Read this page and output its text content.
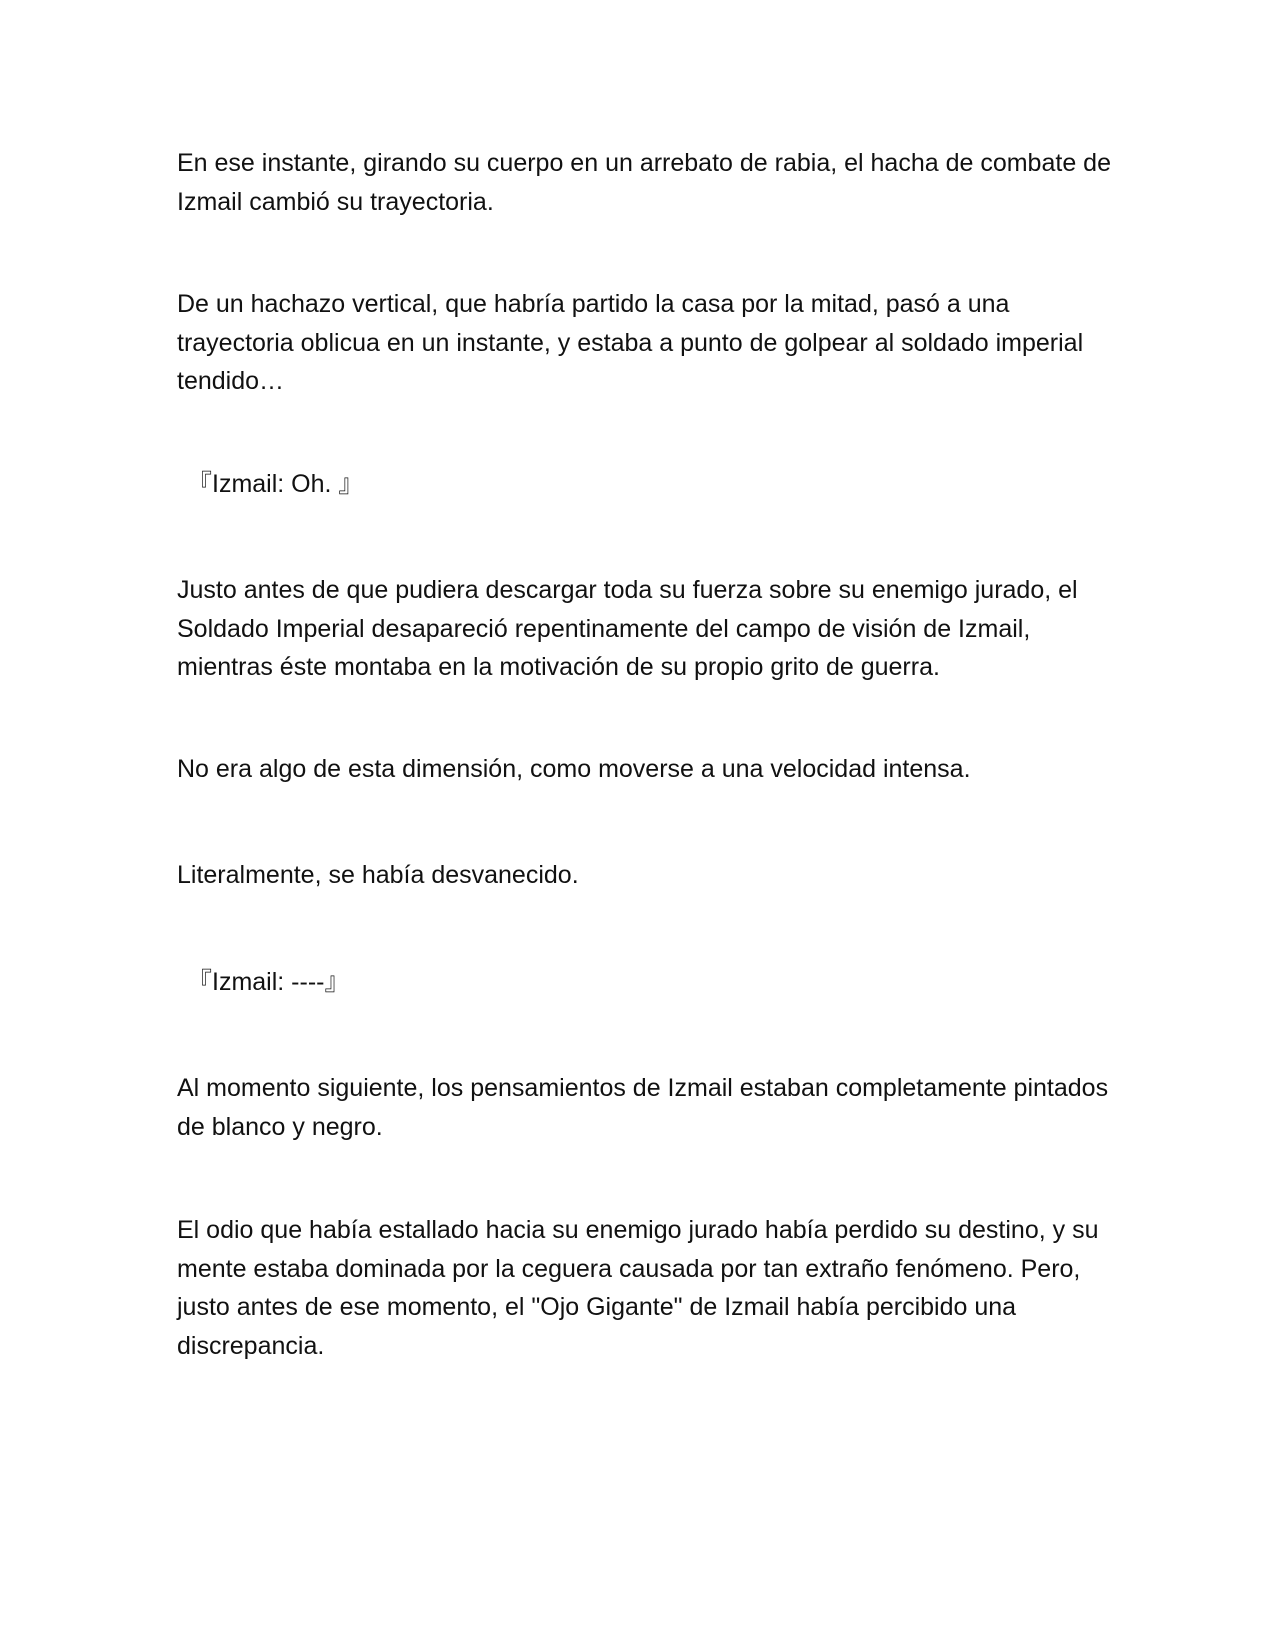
En ese instante, girando su cuerpo en un arrebato de rabia, el hacha de combate de Izmail cambió su trayectoria.

De un hachazo vertical, que habría partido la casa por la mitad, pasó a una trayectoria oblicua en un instante, y estaba a punto de golpear al soldado imperial tendido…

『Izmail: Oh. 』

Justo antes de que pudiera descargar toda su fuerza sobre su enemigo jurado, el Soldado Imperial desapareció repentinamente del campo de visión de Izmail, mientras éste montaba en la motivación de su propio grito de guerra.

No era algo de esta dimensión, como moverse a una velocidad intensa.

Literalmente, se había desvanecido.

『Izmail: ----』

Al momento siguiente, los pensamientos de Izmail estaban completamente pintados de blanco y negro.

El odio que había estallado hacia su enemigo jurado había perdido su destino, y su mente estaba dominada por la ceguera causada por tan extraño fenómeno. Pero, justo antes de ese momento, el "Ojo Gigante" de Izmail había percibido una discrepancia.
